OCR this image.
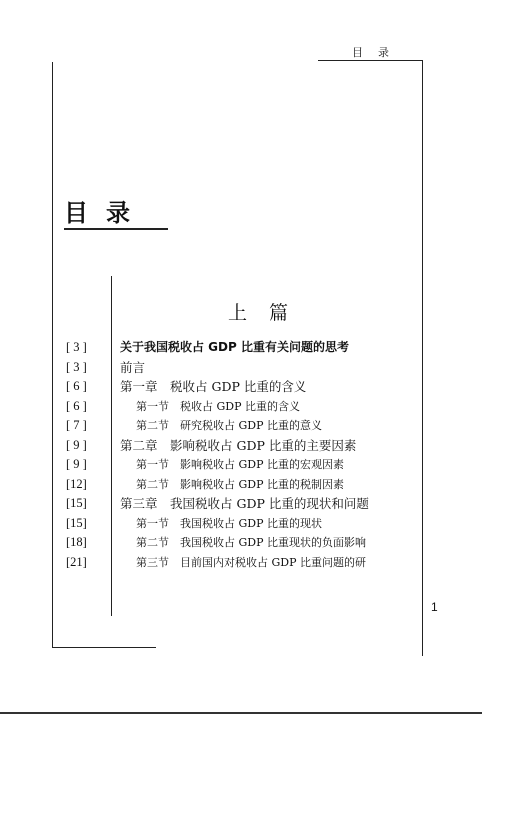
目　录
目录
上篇
[ 3 ]	关于我国税收占 GDP 比重有关问题的思考
[ 3 ]	前言
[ 6 ]	第一章　税收占 GDP 比重的含义
[ 6 ]	第一节　税收占 GDP 比重的含义
[ 7 ]	第二节　研究税收占 GDP 比重的意义
[ 9 ]	第二章　影响税收占 GDP 比重的主要因素
[ 9 ]	第一节　影响税收占 GDP 比重的宏观因素
[12]	第二节　影响税收占 GDP 比重的税制因素
[15]	第三章　我国税收占 GDP 比重的现状和问题
[15]	第一节　我国税收占 GDP 比重的现状
[18]	第二节　我国税收占 GDP 比重现状的负面影响
[21]	第三节　目前国内对税收占 GDP 比重问题的研
1
